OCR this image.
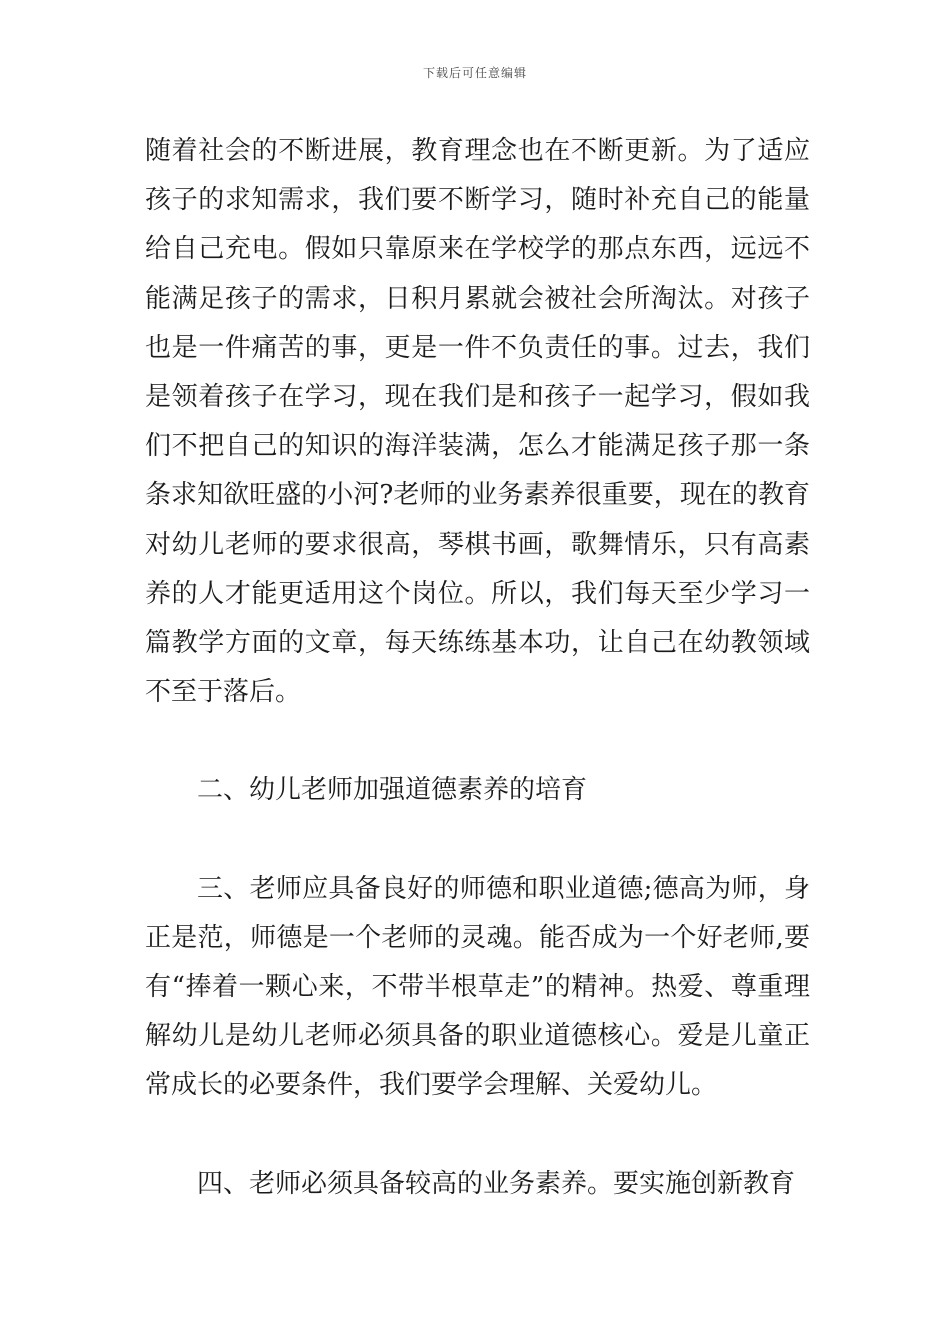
下载后可任意编辑

随着社会的不断进展，教育理念也在不断更新。为了适应孩子的求知需求，我们要不断学习，随时补充自己的能量给自己充电。假如只靠原来在学校学的那点东西，远远不能满足孩子的需求，日积月累就会被社会所淘汰。对孩子也是一件痛苦的事，更是一件不负责任的事。过去，我们是领着孩子在学习，现在我们是和孩子一起学习，假如我们不把自己的知识的海洋装满，怎么才能满足孩子那一条条求知欲旺盛的小河?老师的业务素养很重要，现在的教育对幼儿老师的要求很高，琴棋书画，歌舞情乐，只有高素养的人才能更适用这个岗位。所以，我们每天至少学习一篇教学方面的文章，每天练练基本功，让自己在幼教领域不至于落后。

二、幼儿老师加强道德素养的培育

三、老师应具备良好的师德和职业道德;德高为师，身正是范，师德是一个老师的灵魂。能否成为一个好老师,要有“捧着一颗心来，不带半根草走”的精神。热爱、尊重理解幼儿是幼儿老师必须具备的职业道德核心。爱是儿童正常成长的必要条件，我们要学会理解、关爱幼儿。

四、老师必须具备较高的业务素养。要实施创新教育
